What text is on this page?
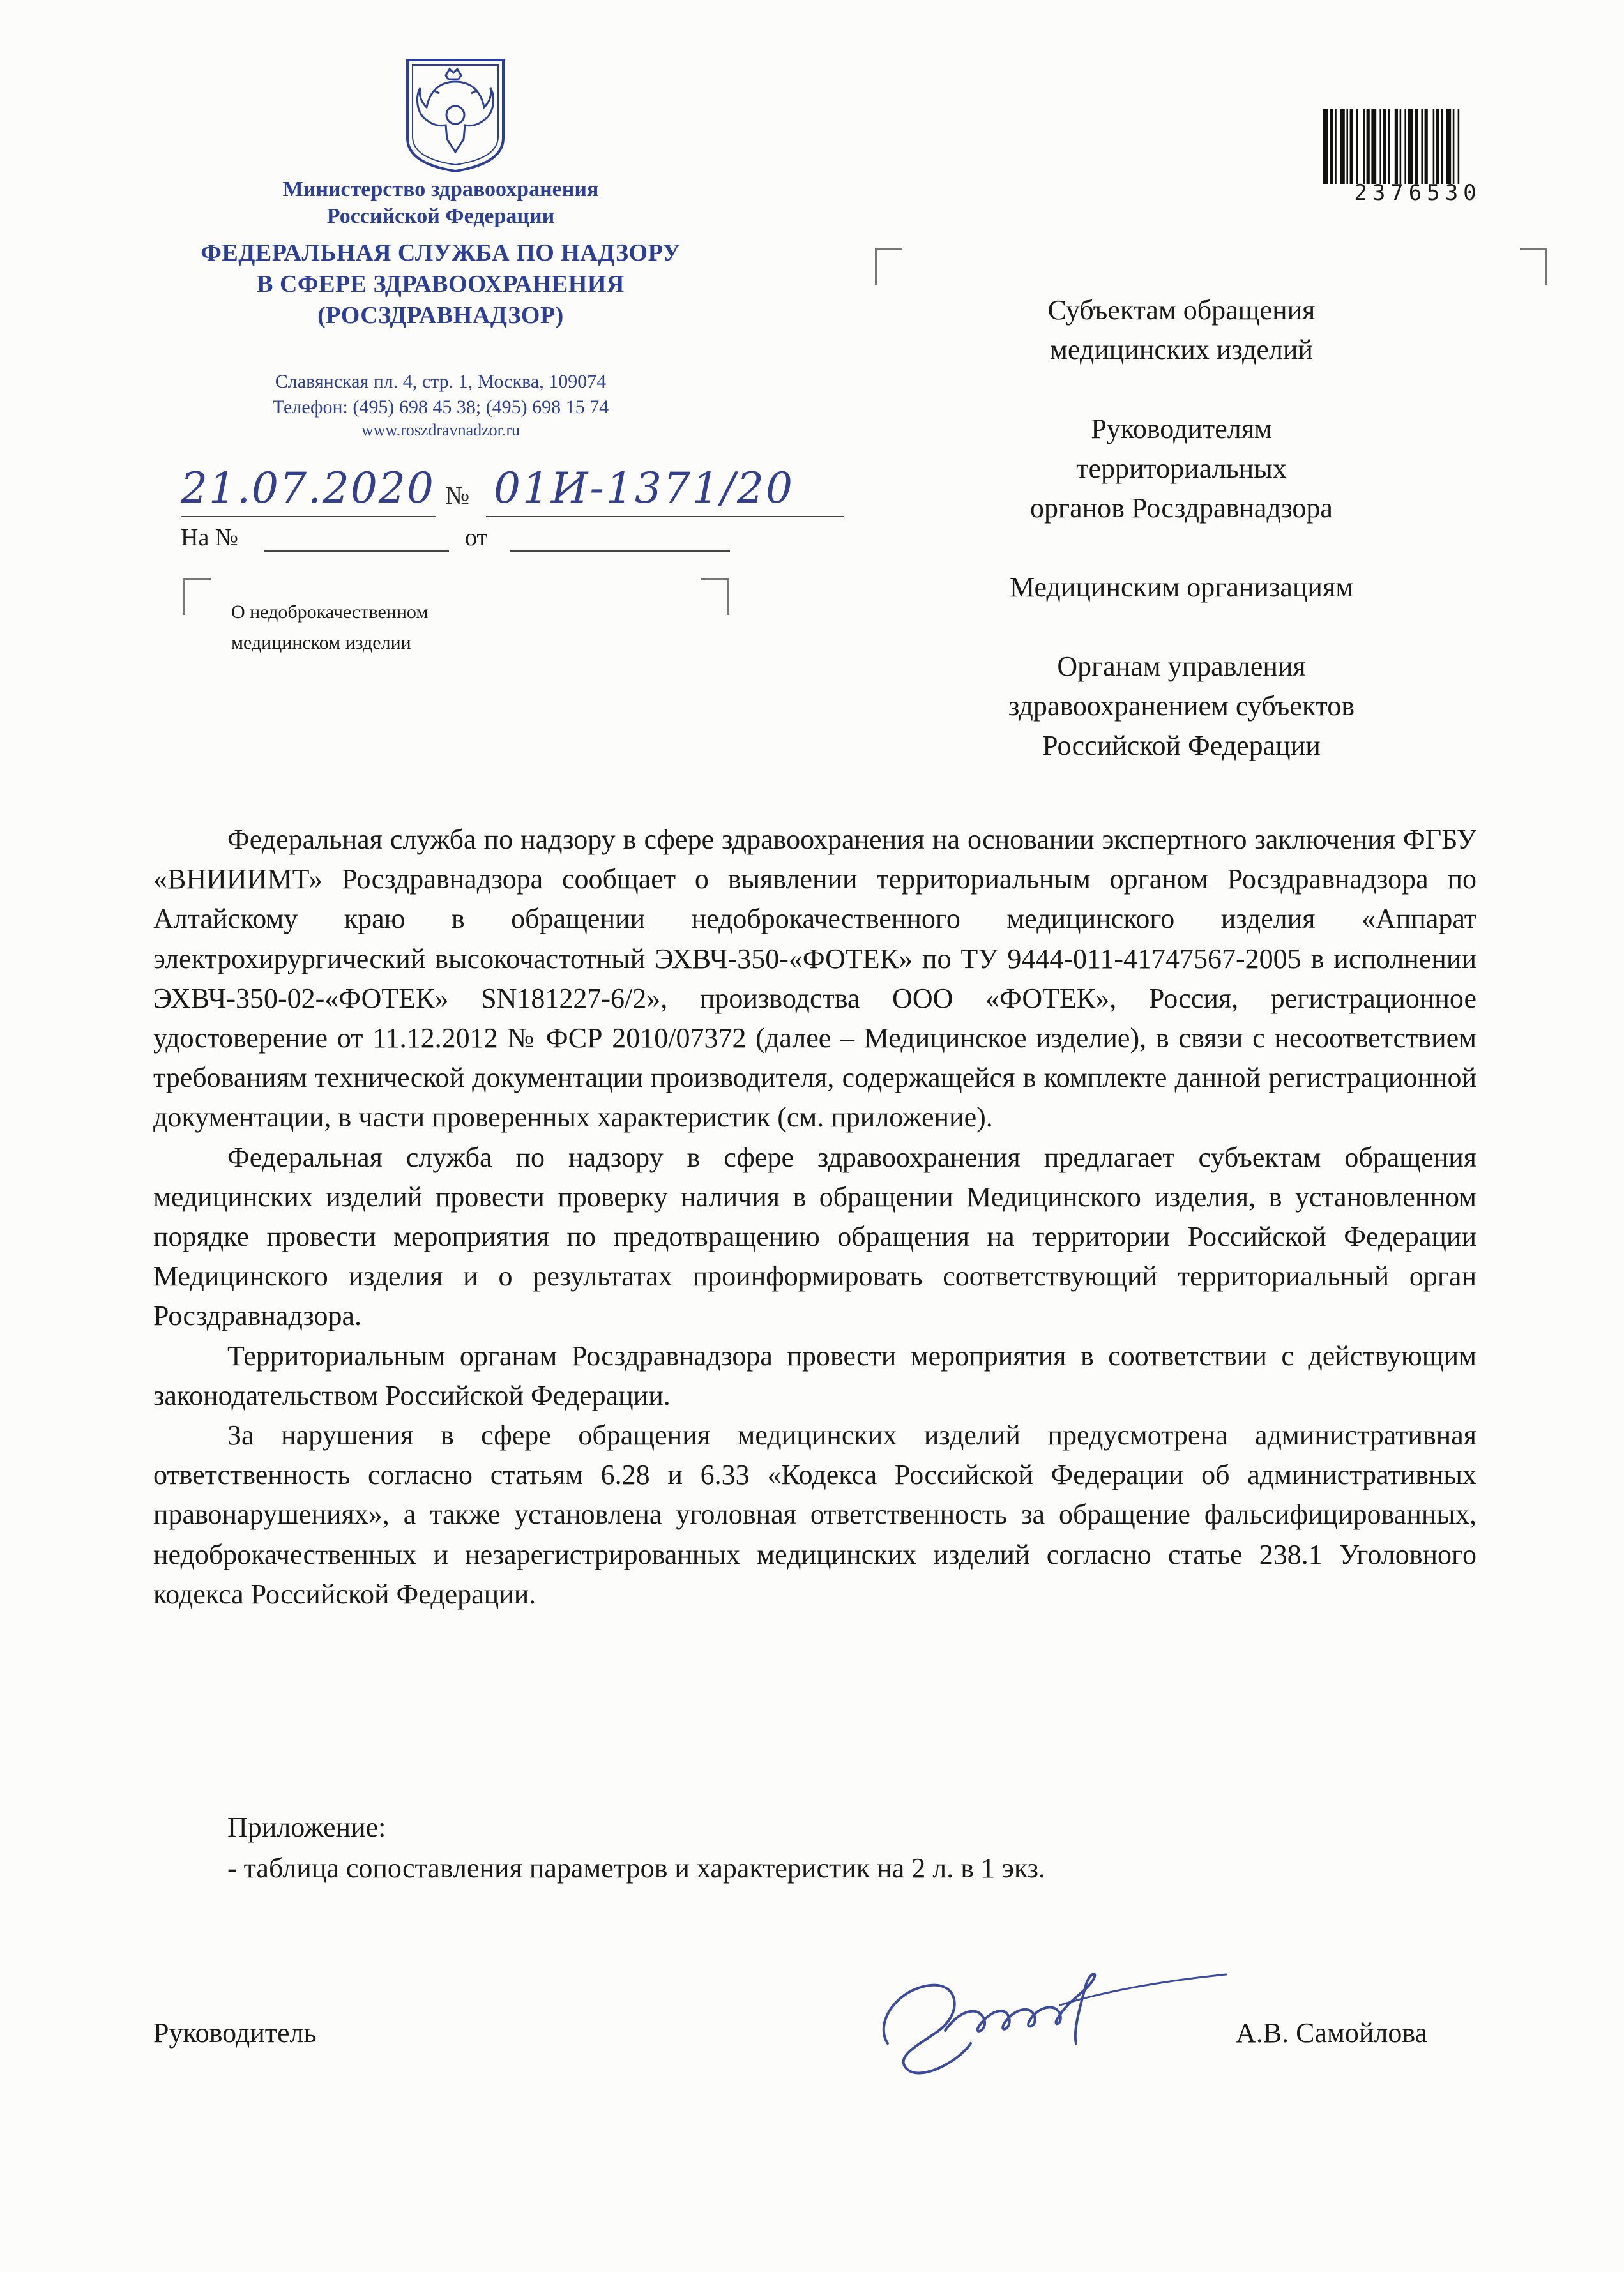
Министерство здравоохранения
Российской Федерации
ФЕДЕРАЛЬНАЯ СЛУЖБА ПО НАДЗОРУ
В СФЕРЕ ЗДРАВООХРАНЕНИЯ
(РОСЗДРАВНАДЗОР)
Славянская пл. 4, стр. 1, Москва, 109074
Телефон: (495) 698 45 38; (495) 698 15 74
www.roszdravnadzor.ru
21.07.2020 № 01И-1371/20
На №	от
О недоброкачественном
медицинском изделии
2376530
Субъектам обращения
медицинских изделий
Руководителям
территориальных
органов Росздравнадзора
Медицинским организациям
Органам управления
здравоохранением субъектов
Российской Федерации

Федеральная служба по надзору в сфере здравоохранения на основании экспертного заключения ФГБУ «ВНИИИМТ» Росздравнадзора сообщает о выявлении территориальным органом Росздравнадзора по Алтайскому краю в обращении недоброкачественного медицинского изделия «Аппарат электрохирургический высокочастотный ЭХВЧ-350-«ФОТЕК» по ТУ 9444-011-41747567-2005 в исполнении ЭХВЧ-350-02-«ФОТЕК» SN181227-6/2», производства ООО «ФОТЕК», Россия, регистрационное удостоверение от 11.12.2012 № ФСР 2010/07372 (далее – Медицинское изделие), в связи с несоответствием требованиям технической документации производителя, содержащейся в комплекте данной регистрационной документации, в части проверенных характеристик (см. приложение).

Федеральная служба по надзору в сфере здравоохранения предлагает субъектам обращения медицинских изделий провести проверку наличия в обращении Медицинского изделия, в установленном порядке провести мероприятия по предотвращению обращения на территории Российской Федерации Медицинского изделия и о результатах проинформировать соответствующий территориальный орган Росздравнадзора.

Территориальным органам Росздравнадзора провести мероприятия в соответствии с действующим законодательством Российской Федерации.

За нарушения в сфере обращения медицинских изделий предусмотрена административная ответственность согласно статьям 6.28 и 6.33 «Кодекса Российской Федерации об административных правонарушениях», а также установлена уголовная ответственность за обращение фальсифицированных, недоброкачественных и незарегистрированных медицинских изделий согласно статье 238.1 Уголовного кодекса Российской Федерации.

Приложение:
- таблица сопоставления параметров и характеристик на 2 л. в 1 экз.
Руководитель	А.В. Самойлова
